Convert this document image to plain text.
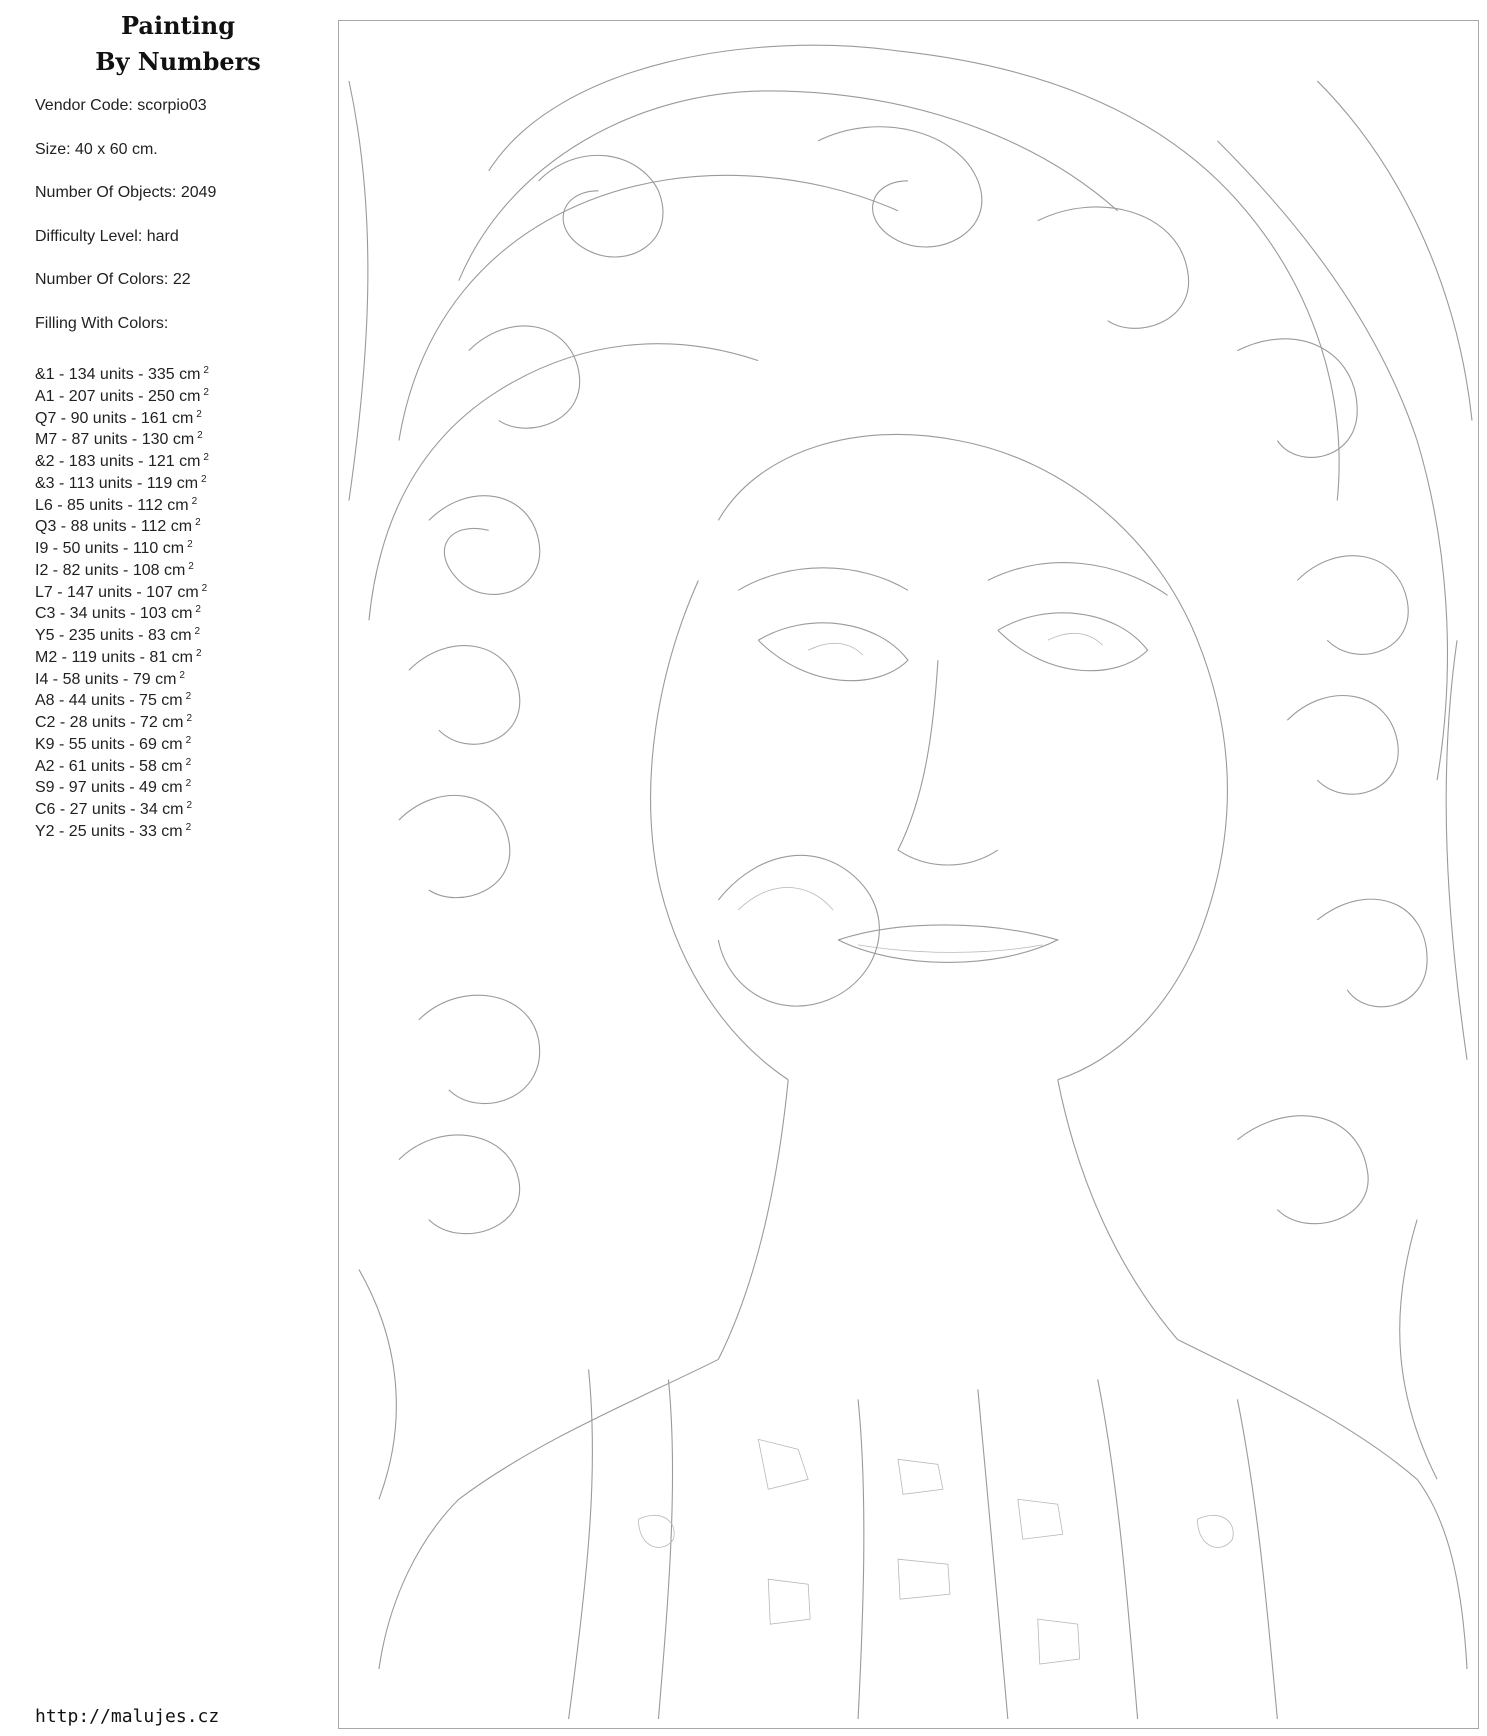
Painting
By Numbers
Vendor Code: scorpio03
Size: 40 x 60 cm.
Number Of Objects: 2049
Difficulty Level: hard
Number Of Colors: 22
Filling With Colors:
&1 - 134 units - 335 cm $^2$
A1 - 207 units - 250 cm $^2$
Q7 - 90 units - 161 cm $^2$
M7 - 87 units - 130 cm $^2$
&2 - 183 units - 121 cm $^2$
&3 - 113 units - 119 cm $^2$
L6 - 85 units - 112 cm $^2$
Q3 - 88 units - 112 cm $^2$
I9 - 50 units - 110 cm $^2$
I2 - 82 units - 108 cm $^2$
L7 - 147 units - 107 cm $^2$
C3 - 34 units - 103 cm $^2$
Y5 - 235 units - 83 cm $^2$
M2 - 119 units - 81 cm $^2$
I4 - 58 units - 79 cm $^2$
A8 - 44 units - 75 cm $^2$
C2 - 28 units - 72 cm $^2$
K9 - 55 units - 69 cm $^2$
A2 - 61 units - 58 cm $^2$
S9 - 97 units - 49 cm $^2$
C6 - 27 units - 34 cm $^2$
Y2 - 25 units - 33 cm $^2$
http://malujes.cz
